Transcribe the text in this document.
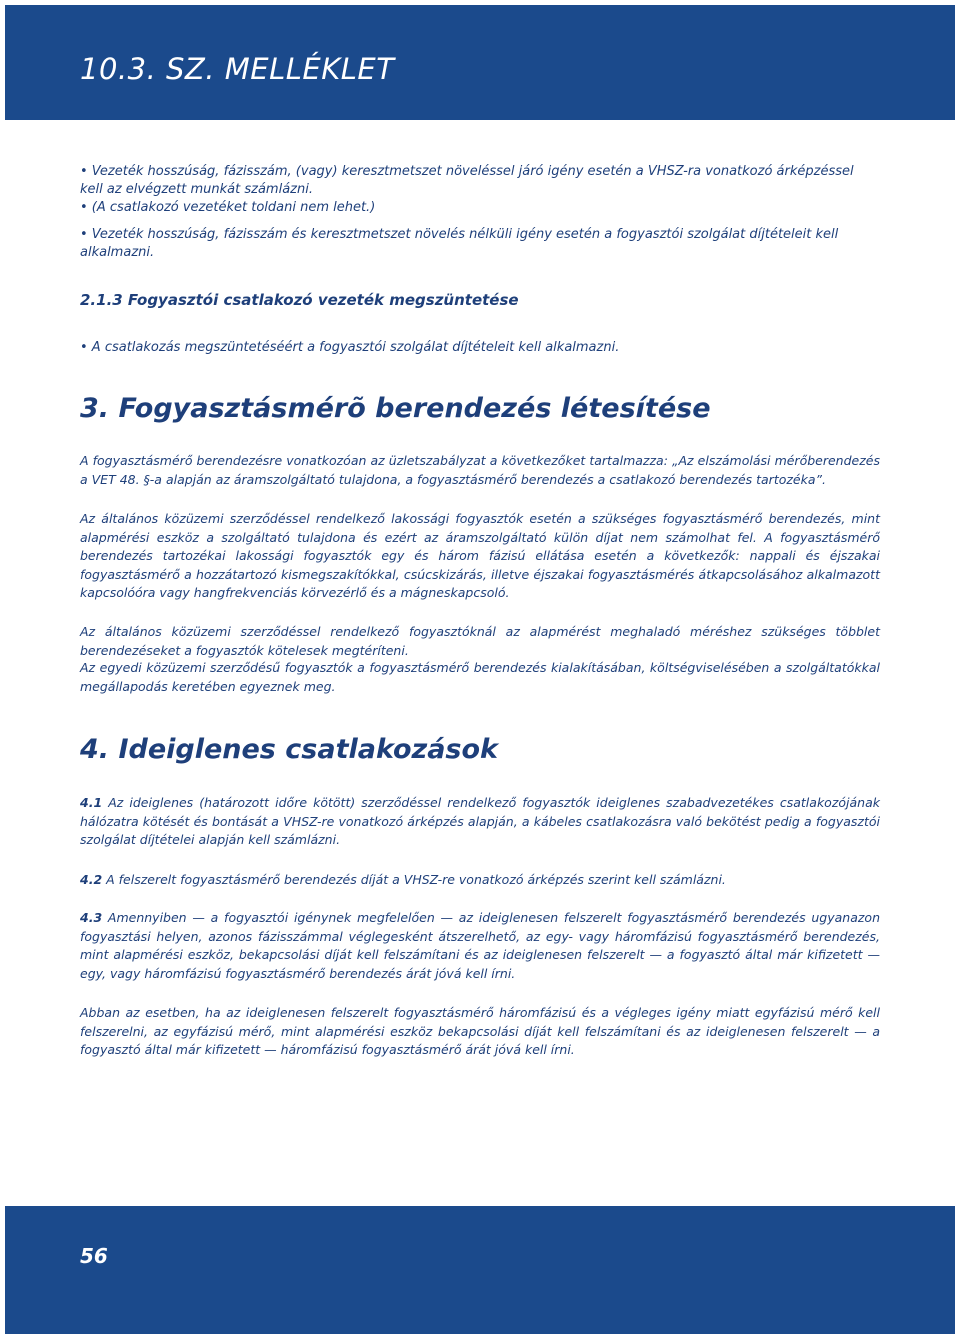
10.3. SZ. MELLÉKLET
• Vezeték hosszúság, fázisszám, (vagy) keresztmetszet növeléssel járó igény esetén a VHSZ-ra vonatkozó árképzéssel kell az elvégzett munkát számlázni.
• (A csatlakozó vezetéket toldani nem lehet.)
• Vezeték hosszúság, fázisszám és keresztmetszet növelés nélküli igény esetén a fogyasztói szolgálat díjtételeit kell alkalmazni.
2.1.3 Fogyasztói csatlakozó vezeték megszüntetése

• A csatlakozás megszüntetéséért a fogyasztói szolgálat díjtételeit kell alkalmazni.

3. Fogyasztásmérõ berendezés létesítése

A fogyasztásmérő berendezésre vonatkozóan az üzletszabályzat a következőket tartalmazza: „Az elszámolási mérőberendezés a VET 48. §-a alapján az áramszolgáltató tulajdona, a fogyasztásmérő berendezés a csatlakozó berendezés tartozéka”.

Az általános közüzemi szerződéssel rendelkező lakossági fogyasztók esetén a szükséges fogyasztásmérő berendezés, mint alapmérési eszköz a szolgáltató tulajdona és ezért az áramszolgáltató külön díjat nem számolhat fel. A fogyasztásmérő berendezés tartozékai lakossági fogyasztók egy és három fázisú ellátása esetén a következők: nappali és éjszakai fogyasztásmérő a hozzátartozó kismegszakítókkal, csúcskizárás, illetve éjszakai fogyasztásmérés átkapcsolásához alkalmazott kapcsolóóra vagy hangfrekvenciás körvezérlő és a mágneskapcsoló.

Az általános közüzemi szerződéssel rendelkező fogyasztóknál az alapmérést meghaladó méréshez szükséges többlet berendezéseket a fogyasztók kötelesek megtéríteni.

Az egyedi közüzemi szerződésű fogyasztók a fogyasztásmérő berendezés kialakításában, költségviselésében a szolgáltatókkal megállapodás keretében egyeznek meg.

4. Ideiglenes csatlakozások

4.1 Az ideiglenes (határozott időre kötött) szerződéssel rendelkező fogyasztók ideiglenes szabadvezetékes csatlakozójának hálózatra kötését és bontását a VHSZ-re vonatkozó árképzés alapján, a kábeles csatlakozásra való bekötést pedig a fogyasztói szolgálat díjtételei alapján kell számlázni.

4.2 A felszerelt fogyasztásmérő berendezés díját a VHSZ-re vonatkozó árképzés szerint kell számlázni.

4.3 Amennyiben — a fogyasztói igénynek megfelelően — az ideiglenesen felszerelt fogyasztásmérő berendezés ugyanazon fogyasztási helyen, azonos fázisszámmal véglegesként átszerelhető, az egy- vagy háromfázisú fogyasztásmérő berendezés, mint alapmérési eszköz, bekapcsolási díját kell felszámítani és az ideiglenesen felszerelt — a fogyasztó által már kifizetett — egy, vagy háromfázisú fogyasztásmérő berendezés árát jóvá kell írni.

Abban az esetben, ha az ideiglenesen felszerelt fogyasztásmérő háromfázisú és a végleges igény miatt egyfázisú mérő kell felszerelni, az egyfázisú mérő, mint alapmérési eszköz bekapcsolási díját kell felszámítani és az ideiglenesen felszerelt — a fogyasztó által már kifizetett — háromfázisú fogyasztásmérő árát jóvá kell írni.

56
